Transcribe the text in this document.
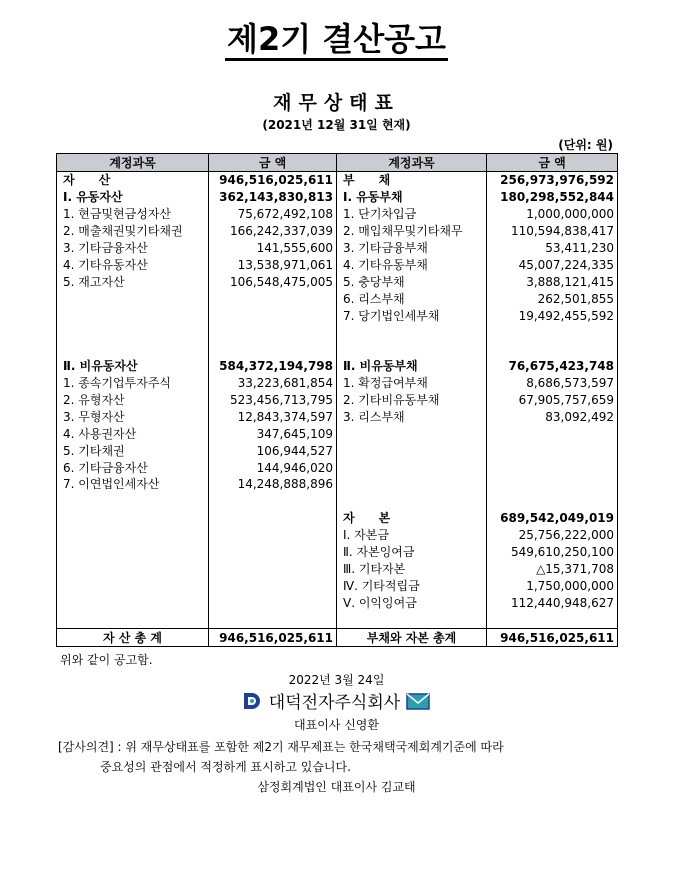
제2기 결산공고
재무상태표
(2021년 12월 31일 현재)
(단위: 원)
계정과목	금 액	계정과목	금 액
자　　산	946,516,025,611	부　　채	256,973,976,592
Ⅰ. 유동자산	362,143,830,813	Ⅰ. 유동부채	180,298,552,844
1. 현금및현금성자산	75,672,492,108	1. 단기차입금	1,000,000,000
2. 매출채권및기타채권	166,242,337,039	2. 매입채무및기타채무	110,594,838,417
3. 기타금융자산	141,555,600	3. 기타금융부채	53,411,230
4. 기타유동자산	13,538,971,061	4. 기타유동부채	45,007,224,335
5. 재고자산	106,548,475,005	5. 충당부채	3,888,121,415
		6. 리스부채	262,501,855
		7. 당기법인세부채	19,492,455,592

Ⅱ. 비유동자산	584,372,194,798	Ⅱ. 비유동부채	76,675,423,748
1. 종속기업투자주식	33,223,681,854	1. 확정급여부채	8,686,573,597
2. 유형자산	523,456,713,795	2. 기타비유동부채	67,905,757,659
3. 무형자산	12,843,374,597	3. 리스부채	83,092,492
4. 사용권자산	347,645,109		
5. 기타채권	106,944,527		
6. 기타금융자산	144,946,020		
7. 이연법인세자산	14,248,888,896		

		자　　본	689,542,049,019
		Ⅰ. 자본금	25,756,222,000
		Ⅱ. 자본잉여금	549,610,250,100
		Ⅲ. 기타자본	△15,371,708
		Ⅳ. 기타적립금	1,750,000,000
		Ⅴ. 이익잉여금	112,440,948,627

자 산 총 계	946,516,025,611	부채와 자본 총계	946,516,025,611
위와 같이 공고함.
2022년 3월 24일
대덕전자주식회사
대표이사 신영환
[감사의견] : 위 재무상태표를 포함한 제2기 재무제표는 한국채택국제회계기준에 따라
중요성의 관점에서 적정하게 표시하고 있습니다.
삼정회계법인 대표이사 김교태
